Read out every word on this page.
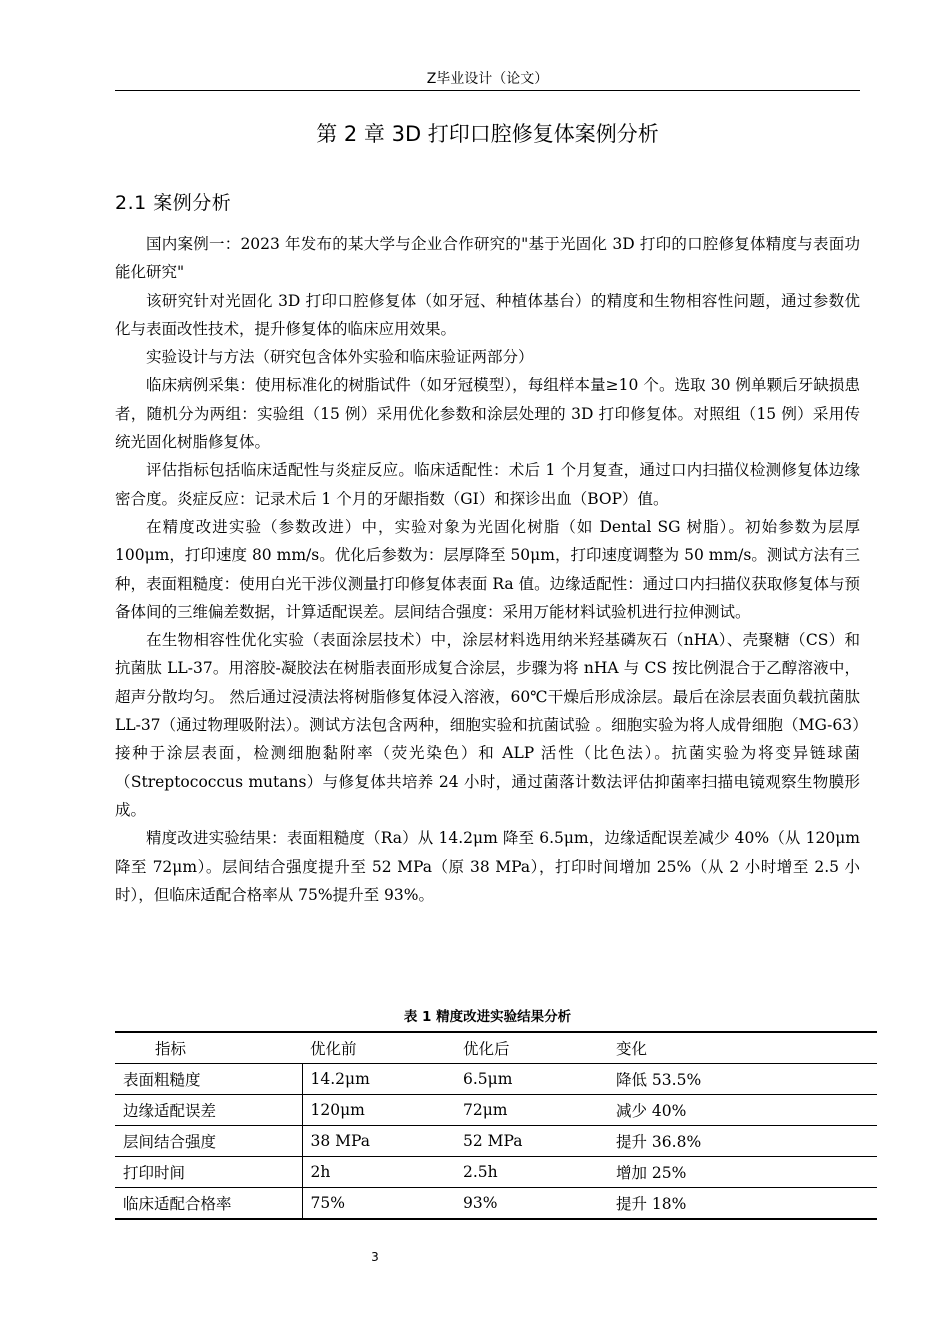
Z毕业设计（论文）
第 2 章 3D 打印口腔修复体案例分析
2.1 案例分析

国内案例一：2023 年发布的某大学与企业合作研究的"基于光固化 3D 打印的口腔修复体精度与表面功能化研究"

该研究针对光固化 3D 打印口腔修复体（如牙冠、种植体基台）的精度和生物相容性问题，通过参数优化与表面改性技术，提升修复体的临床应用效果。

实验设计与方法（研究包含体外实验和临床验证两部分）

临床病例采集：使用标准化的树脂试件（如牙冠模型），每组样本量≥10 个。选取 30 例单颗后牙缺损患者，随机分为两组：实验组（15 例）采用优化参数和涂层处理的 3D 打印修复体。对照组（15 例）采用传统光固化树脂修复体。

评估指标包括临床适配性与炎症反应。临床适配性：术后 1 个月复查，通过口内扫描仪检测修复体边缘密合度。炎症反应：记录术后 1 个月的牙龈指数（GI）和探诊出血（BOP）值。

在精度改进实验（参数改进）中，实验对象为光固化树脂（如 Dental SG 树脂）。初始参数为层厚 100μm，打印速度 80 mm/s。优化后参数为：层厚降至 50μm，打印速度调整为 50 mm/s。测试方法有三种，表面粗糙度：使用白光干涉仪测量打印修复体表面 Ra 值。边缘适配性：通过口内扫描仪获取修复体与预备体间的三维偏差数据，计算适配误差。层间结合强度：采用万能材料试验机进行拉伸测试。

在生物相容性优化实验（表面涂层技术）中，涂层材料选用纳米羟基磷灰石（nHA）、壳聚糖（CS）和抗菌肽 LL-37。用溶胶-凝胶法在树脂表面形成复合涂层，步骤为将 nHA 与 CS 按比例混合于乙醇溶液中，超声分散均匀。 然后通过浸渍法将树脂修复体浸入溶液，60℃干燥后形成涂层。最后在涂层表面负载抗菌肽 LL-37（通过物理吸附法）。测试方法包含两种，细胞实验和抗菌试验 。细胞实验为将人成骨细胞（MG-63）接种于涂层表面，检测细胞黏附率（荧光染色）和 ALP 活性（比色法）。抗菌实验为将变异链球菌（Streptococcus mutans）与修复体共培养 24 小时，通过菌落计数法评估抑菌率扫描电镜观察生物膜形成。

精度改进实验结果：表面粗糙度（Ra）从 14.2μm 降至 6.5μm，边缘适配误差减少 40%（从 120μm 降至 72μm）。层间结合强度提升至 52 MPa（原 38 MPa），打印时间增加 25%（从 2 小时增至 2.5 小时），但临床适配合格率从 75%提升至 93%。

表 1 精度改进实验结果分析
指标	优化前	优化后	变化
表面粗糙度	14.2μm	6.5μm	降低 53.5%
边缘适配误差	120μm	72μm	减少 40%
层间结合强度	38 MPa	52 MPa	提升 36.8%
打印时间	2h	2.5h	增加 25%
临床适配合格率	75%	93%	提升 18%
3
